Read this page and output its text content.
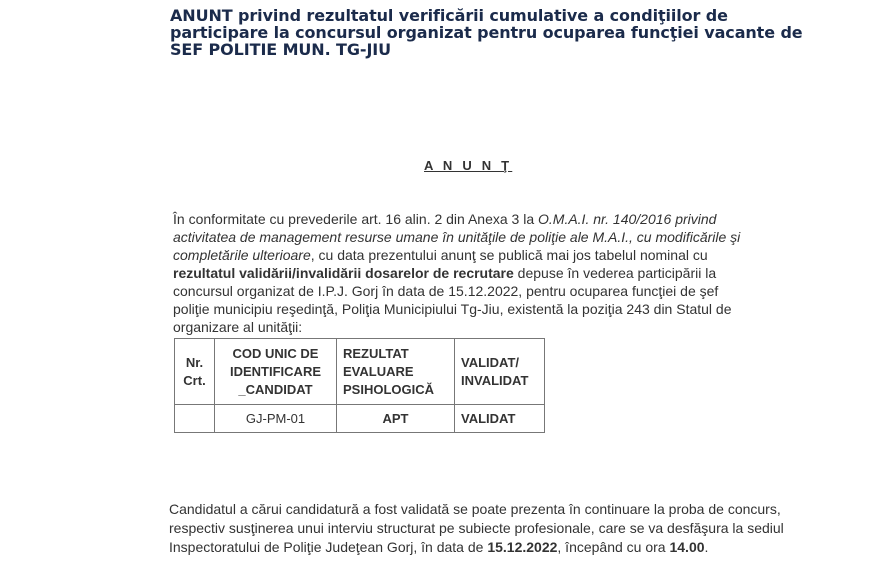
ANUNT privind rezultatul verificării cumulative a condiţiilor de participare la concursul organizat pentru ocuparea funcţiei vacante de SEF POLITIE MUN. TG-JIU

A N U N Ţ

În conformitate cu prevederile art. 16 alin. 2 din Anexa 3 la O.M.A.I. nr. 140/2016 privind activitatea de management resurse umane în unităţile de poliţie ale M.A.I., cu modificările şi completările ulterioare, cu data prezentului anunţ se publică mai jos tabelul nominal cu rezultatul validării/invalidării dosarelor de recrutare depuse în vederea participării la concursul organizat de I.P.J. Gorj în data de 15.12.2022, pentru ocuparea funcţiei de şef poliţie municipiu reşedinţă, Poliţia Municipiului Tg-Jiu, existentă la poziţia 243 din Statul de organizare al unităţii:

Nr. Crt.	COD UNIC DE IDENTIFICARE _CANDIDAT	REZULTAT EVALUARE PSIHOLOGICĂ	VALIDAT/ INVALIDAT
	GJ-PM-01	APT	VALIDAT

Candidatul a cărui candidatură a fost validată se poate prezenta în continuare la proba de concurs, respectiv susţinerea unui interviu structurat pe subiecte profesionale, care se va desfăşura la sediul Inspectoratului de Poliţie Judeţean Gorj, în data de 15.12.2022, începând cu ora 14.00.
